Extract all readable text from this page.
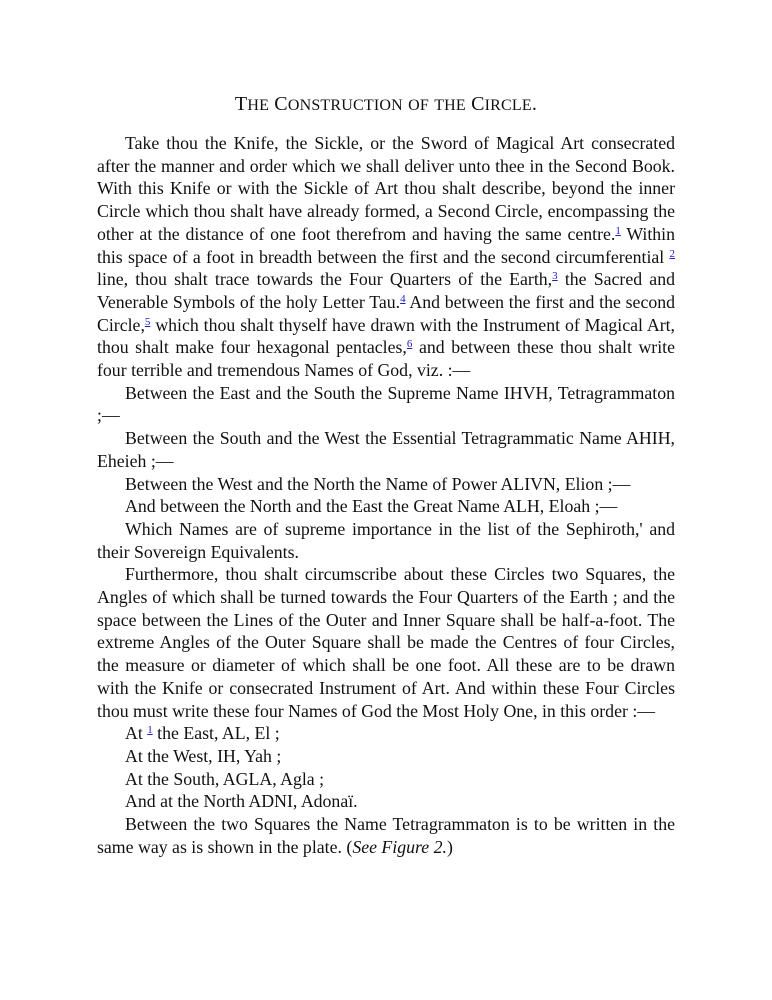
THE CONSTRUCTION OF THE CIRCLE.

Take thou the Knife, the Sickle, or the Sword of Magical Art consecrated after the manner and order which we shall deliver unto thee in the Second Book. With this Knife or with the Sickle of Art thou shalt describe, beyond the inner Circle which thou shalt have already formed, a Second Circle, encompassing the other at the distance of one foot therefrom and having the same centre.$^1$ Within this space of a foot in breadth between the first and the second circumferential $^2$ line, thou shalt trace towards the Four Quarters of the Earth,$^3$ the Sacred and Venerable Symbols of the holy Letter Tau.$^4$ And between the first and the second Circle,$^5$ which thou shalt thyself have drawn with the Instrument of Magical Art, thou shalt make four hexagonal pentacles,$^6$ and between these thou shalt write four terrible and tremendous Names of God, viz. :—

Between the East and the South the Supreme Name IHVH, Tetragrammaton ;—

Between the South and the West the Essential Tetragrammatic Name AHIH, Eheieh ;—

Between the West and the North the Name of Power ALIVN, Elion ;—

And between the North and the East the Great Name ALH, Eloah ;—

Which Names are of supreme importance in the list of the Sephiroth,' and their Sovereign Equivalents.

Furthermore, thou shalt circumscribe about these Circles two Squares, the Angles of which shall be turned towards the Four Quarters of the Earth ; and the space between the Lines of the Outer and Inner Square shall be half-a-foot. The extreme Angles of the Outer Square shall be made the Centres of four Circles, the measure or diameter of which shall be one foot. All these are to be drawn with the Knife or consecrated Instrument of Art. And within these Four Circles thou must write these four Names of God the Most Holy One, in this order :—

At $^1$ the East, AL, El ;

At the West, IH, Yah ;

At the South, AGLA, Agla ;

And at the North ADNI, Adonaï.

Between the two Squares the Name Tetragrammaton is to be written in the same way as is shown in the plate. (See Figure 2.)
